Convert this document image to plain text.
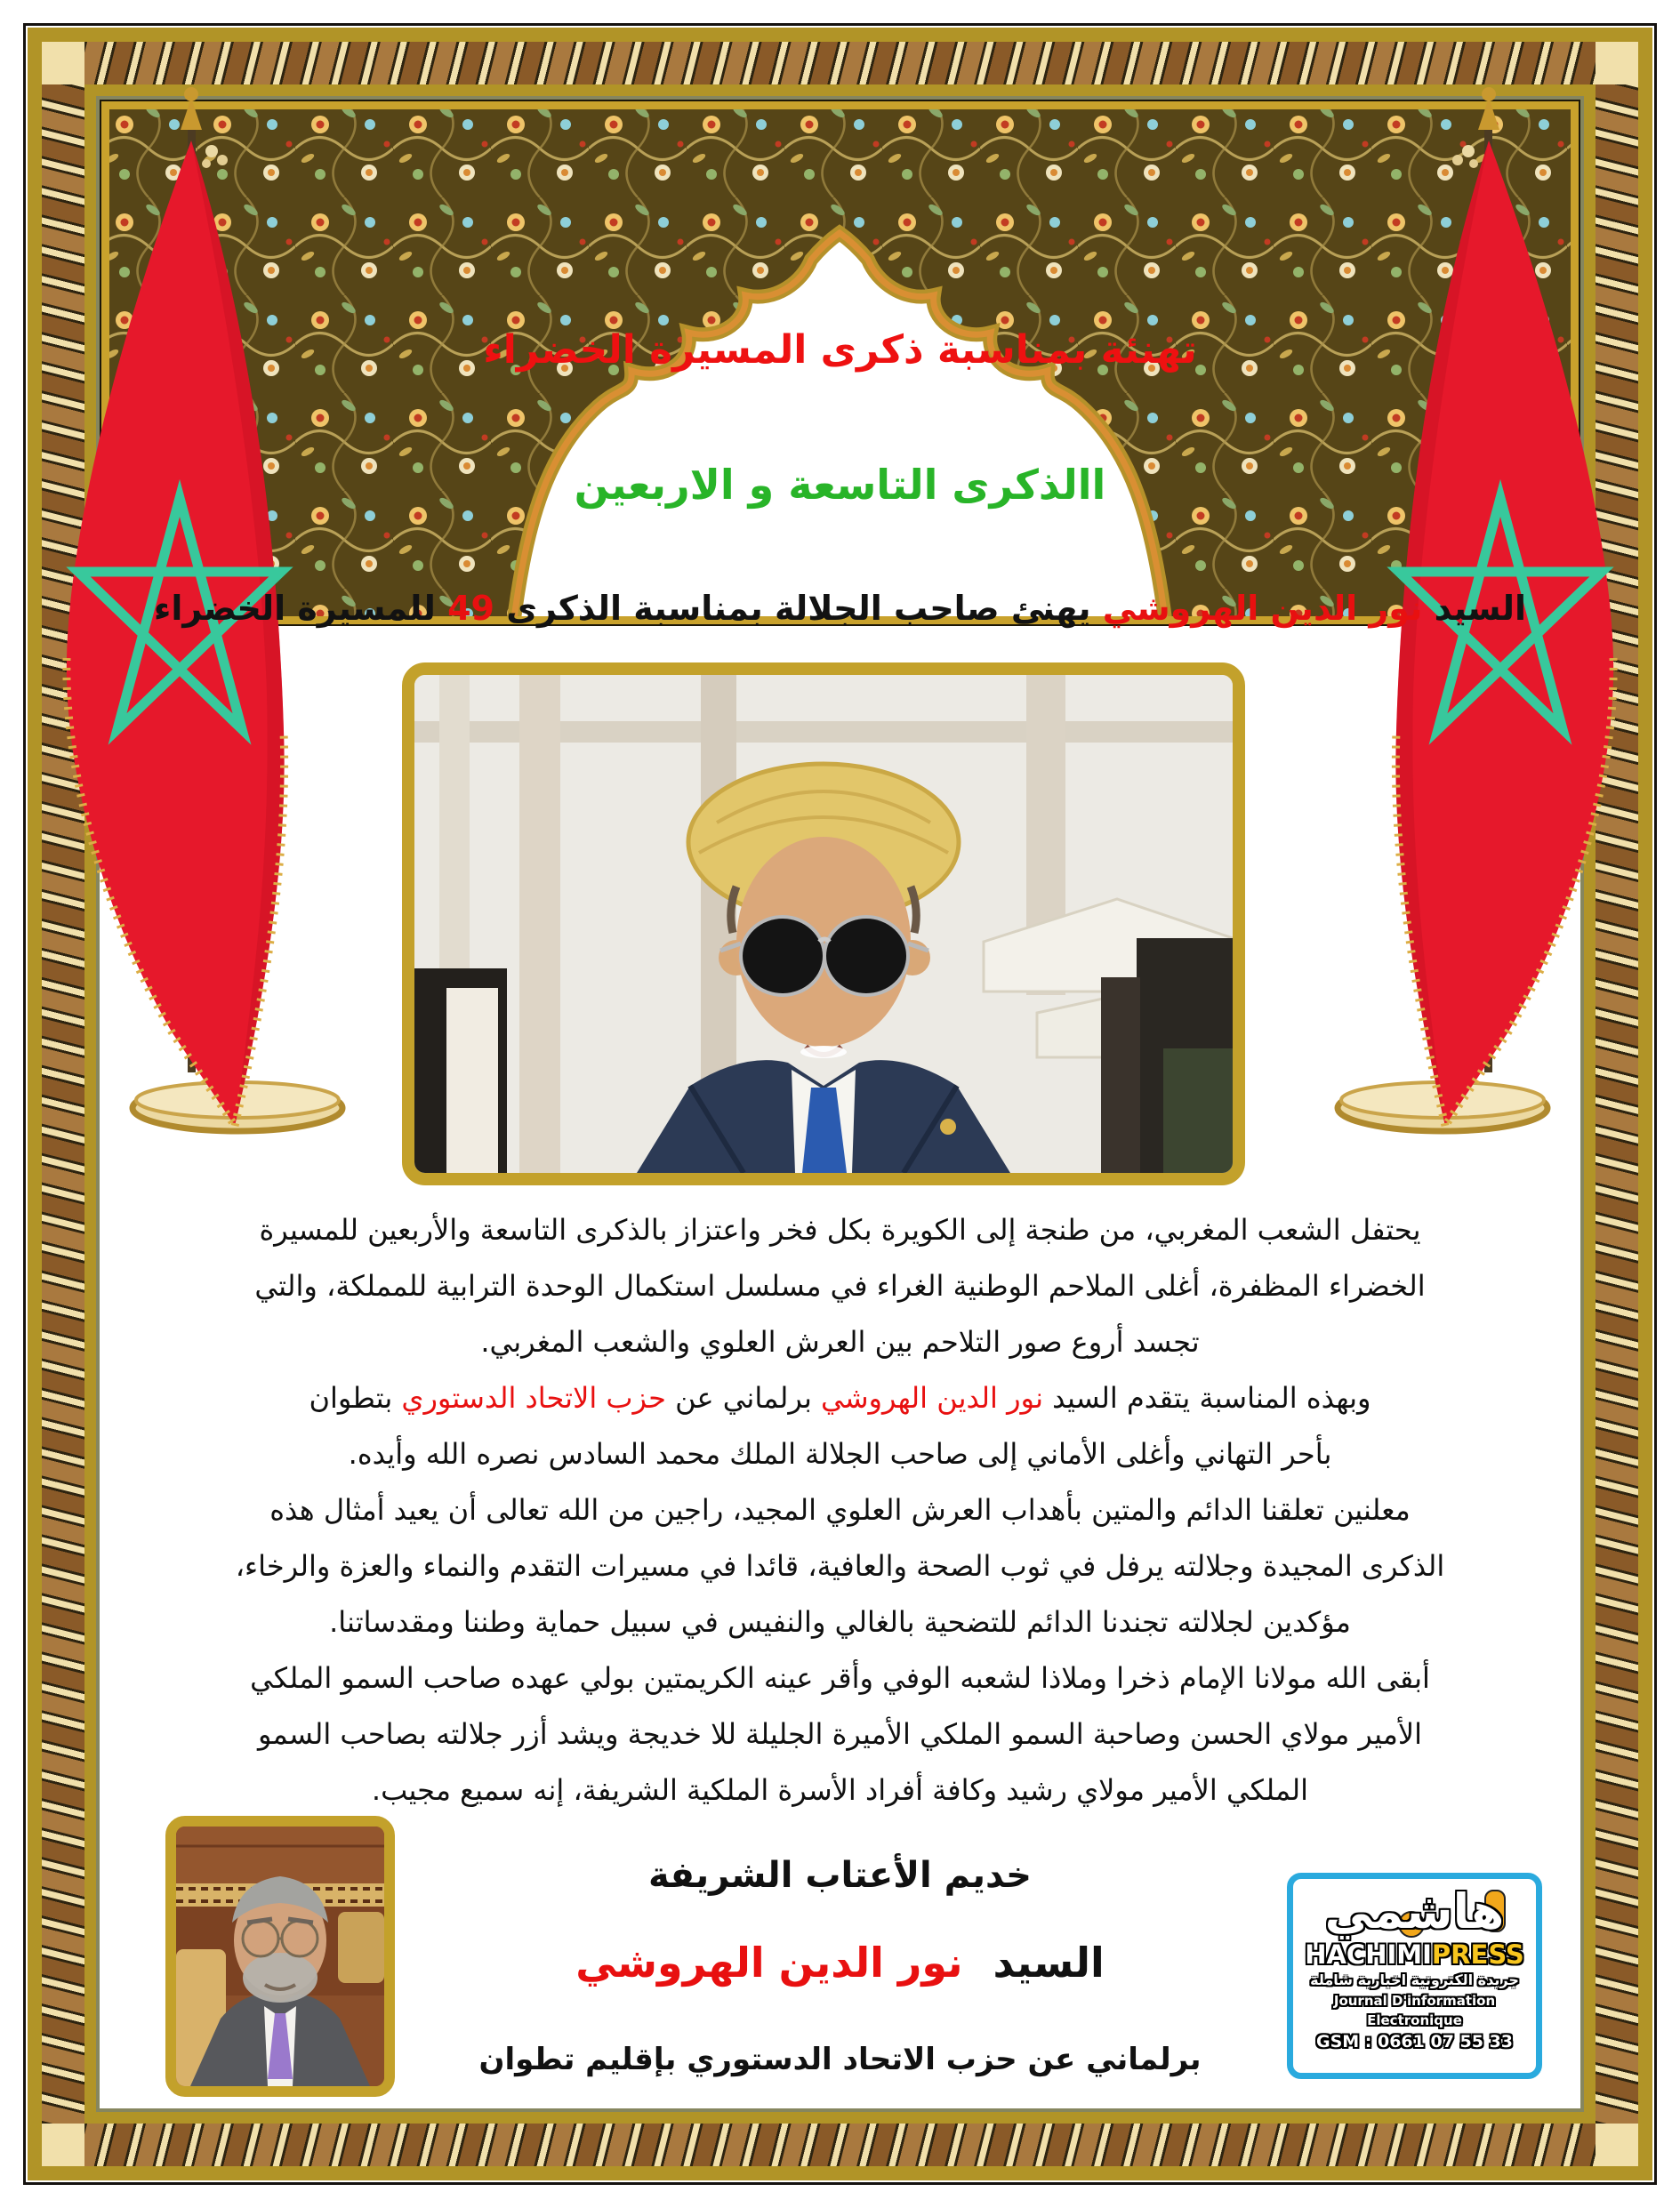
تهنئة بمناسبة ذكرى المسيرة الخضراء
االذكرى التاسعة و الاربعين
السيد نور الدين الهروشي يهنئ صاحب الجلالة بمناسبة الذكرى 49 للمسيرة الخضراء
يحتفل الشعب المغربي، من طنجة إلى الكويرة بكل فخر واعتزاز بالذكرى التاسعة والأربعين للمسيرة
الخضراء المظفرة، أغلى الملاحم الوطنية الغراء في مسلسل استكمال الوحدة الترابية للمملكة، والتي
تجسد أروع صور التلاحم بين العرش العلوي والشعب المغربي.
وبهذه المناسبة يتقدم السيد نور الدين الهروشي برلماني عن حزب الاتحاد الدستوري بتطوان
بأحر التهاني وأغلى الأماني إلى صاحب الجلالة الملك محمد السادس نصره الله وأيده.
معلنين تعلقنا الدائم والمتين بأهداب العرش العلوي المجيد، راجين من الله تعالى أن يعيد أمثال هذه
الذكرى المجيدة وجلالته يرفل في ثوب الصحة والعافية، قائدا في مسيرات التقدم والنماء والعزة والرخاء،
مؤكدين لجلالته تجندنا الدائم للتضحية بالغالي والنفيس في سبيل حماية وطننا ومقدساتنا.
أبقى الله مولانا الإمام ذخرا وملاذا لشعبه الوفي وأقر عينه الكريمتين بولي عهده صاحب السمو الملكي
الأمير مولاي الحسن وصاحبة السمو الملكي الأميرة الجليلة للا خديجة ويشد أزر جلالته بصاحب السمو
الملكي الأمير مولاي رشيد وكافة أفراد الأسرة الملكية الشريفة، إنه سميع مجيب.
خديم الأعتاب الشريفة
السيد نور الدين الهروشي
برلماني عن حزب الاتحاد الدستوري بإقليم تطوان
هاشمي
HACHIMIPRESS
جريدة الكترونية اخبارية شاملة
Journal D'information Electronique
GSM : 0661 07 55 33
